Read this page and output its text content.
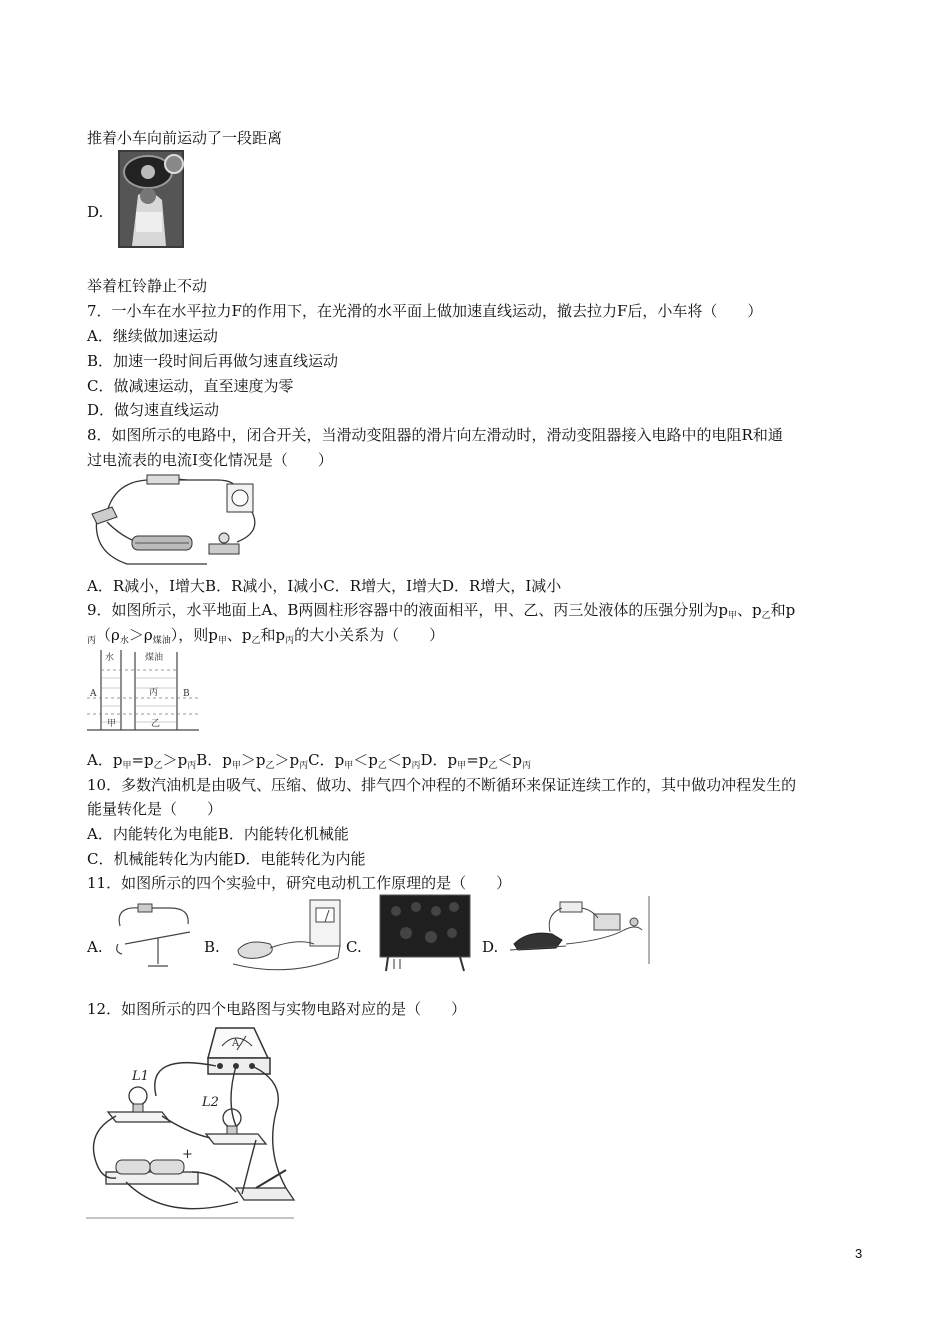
推着小车向前运动了一段距离
D.
举着杠铃静止不动
7．一小车在水平拉力F的作用下，在光滑的水平面上做加速直线运动，撤去拉力F后，小车将（　　）
A．继续做加速运动
B．加速一段时间后再做匀速直线运动
C．做减速运动，直至速度为零
D．做匀速直线运动
8．如图所示的电路中，闭合开关，当滑动变阻器的滑片向左滑动时，滑动变阻器接入电路中的电阻R和通
过电流表的电流I变化情况是（　　）
A．R减小，I增大B．R减小，I减小C．R增大，I增大D．R增大，I减小
9．如图所示，水平地面上A、B两圆柱形容器中的液面相平，甲、乙、丙三处液体的压强分别为$p_甲$、$p_乙$和p
$_丙(\rho_水>\rho_{煤油})$，则$p_甲$、$p_乙$和$p_丙$的大小关系为（　　）
水	煤油
A	B
甲	乙
丙
A．$p_甲=p_乙>p_丙B$．$p_甲>p_乙>p_丙C$．$p_甲<p_乙<p_丙D$．$p_甲=p_乙<p_丙$
10．多数汽油机是由吸气、压缩、做功、排气四个冲程的不断循环来保证连续工作的，其中做功冲程发生的
能量转化是（　　）
A．内能转化为电能B．内能转化机械能
C．机械能转化为内能D．电能转化为内能
11．如图所示的四个实验中，研究电动机工作原理的是（　　）
A.	B.	C.	D.
12．如图所示的四个电路图与实物电路对应的是（　　）
A
L1
L2
+
3
